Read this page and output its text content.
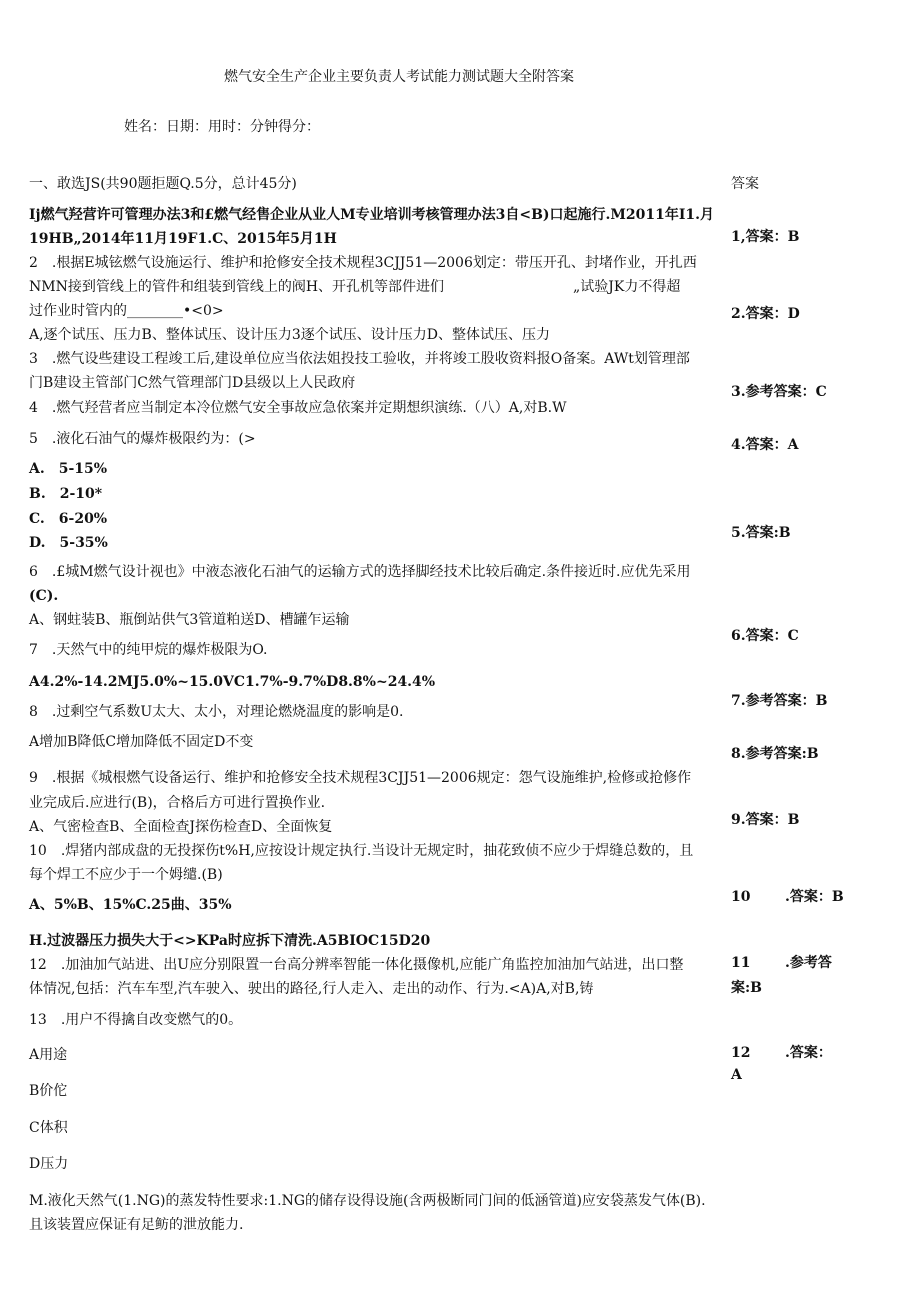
燃气安全生产企业主要负责人考试能力测试题大全附答案
姓名：日期：用时：分钟得分：
一、敢选JS(共90题拒题Q.5分，总计45分)	答案
Ij燃气羟营许可管理办法3和£燃气经售企业从业人M专业培训考核管理办法3自<B)口起施行.M2011年I1.月
19HB„2014年11月19F1.C、2015年5月1H
2　.根据E城铉燃气设施运行、维护和抢修安全技术规程3CJJ51—2006划定：带压开孔、封堵作业，开扎西
NMN接到管线上的管件和组装到管线上的阀H、开孔机等部件进们	„试验JK力不得超
过作业时管内的________•<0>
A,逐个试压、压力B、整体试压、设计压力3逐个试压、设计压力D、整体试压、压力
3　.燃气设些建设工程竣工后,建设单位应当依法姐投技工验收，并将竣工股收资料报O备案。AWt划管理部
门B建设主管部门C然气管理部门D县级以上人民政府
4　.燃气羟营者应当制定本冷位燃气安全事故应急依案并定期想织演练.（八）A,对B.W
5　.液化石油气的爆炸极限约为：(>
A.　5-15%
B.　2-10*
C.　6-20%
D.　5-35%
6　.£城M燃气设计视也》中液态液化石油气的运输方式的选择脚经技术比较后确定.条件接近时.应优先采用
(C).
A、钢蛀装B、瓶倒站供气3管道粕送D、槽罐乍运输
7　.天然气中的纯甲烷的爆炸极限为O.
A4.2%-14.2MJ5.0%~15.0VC1.7%-9.7%D8.8%~24.4%
8　.过剩空气系数U太大、太小，对理论燃烧温度的影响是0.
A增加B降低C增加降低不固定D不变
9　.根据《城根燃气设备运行、维护和抢修安全技术规程3CJJ51—2006规定：怨气设施维护,检修或抢修作
业完成后.应进行(B)，合格后方可进行置换作业.
A、气密检查B、全面检查J探伤检查D、全面恢复
10　.焊猪内部成盘的无投探伤t%H,应按设计规定执行.当设计无规定时，抽花致侦不应少于焊缝总数的，且
每个焊工不应少于一个姆缱.(B)
A、5%B、15%C.25曲、35%
H.过波器压力损失大于<>KPa时应拆下清洗.A5BIOC15D20
12　.加油加气站进、出U应分别限置一台高分辨率智能一体化摄像机,应能广角监控加油加气站进，出口整
体情况,包括：汽车车型,汽车驶入、驶出的路径,行人走入、走出的动作、行为.<A)A,对B,铸
13　.用户不得擒自改变燃气的0。
A用途
B价佗
C体积
D压力
M.液化天然气(1.NG)的蒸发特性要求:1.NG的储存设得设施(含两极断同门间的低涵管道)应安袋蒸发气体(B).
且该装置应保证有足鲂的泄放能力.
1,答案：B
2.答案：D
3.参考答案：C
4.答案：A
5.答案:B
6.答案：C
7.参考答案：B
8.参考答案:B
9.答案：B
10 .答案：B
11 .参考答
案:B
12 .答案：
A
